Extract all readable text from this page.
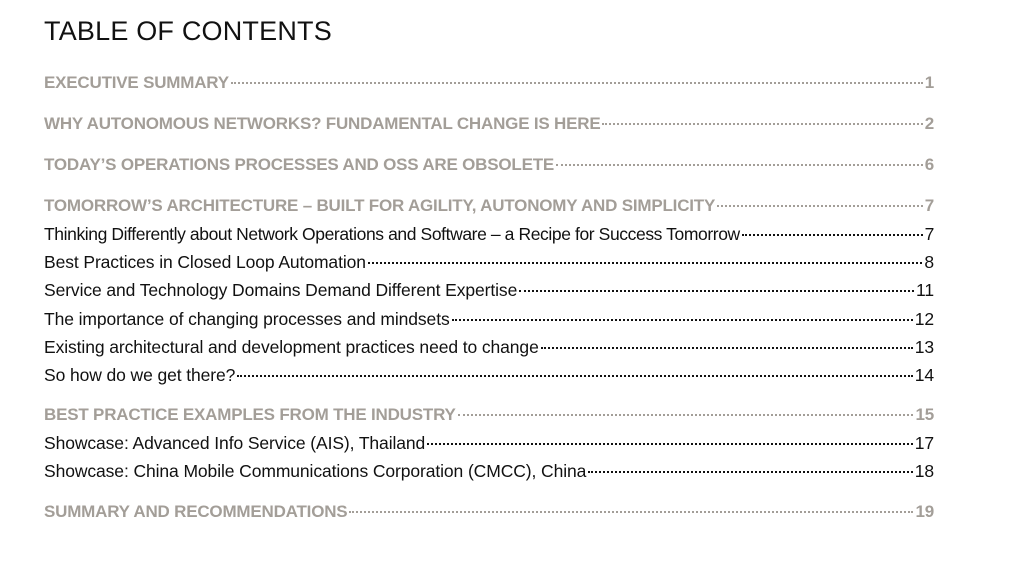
TABLE OF CONTENTS
EXECUTIVE SUMMARY	1
WHY AUTONOMOUS NETWORKS? FUNDAMENTAL CHANGE IS HERE	2
TODAY’S OPERATIONS PROCESSES AND OSS ARE OBSOLETE	6
TOMORROW’S ARCHITECTURE – BUILT FOR AGILITY, AUTONOMY AND SIMPLICITY	7
Thinking Differently about Network Operations and Software – a Recipe for Success Tomorrow	7
Best Practices in Closed Loop Automation	8
Service and Technology Domains Demand Different Expertise	11
The importance of changing processes and mindsets	12
Existing architectural and development practices need to change	13
So how do we get there?	14
BEST PRACTICE EXAMPLES FROM THE INDUSTRY	15
Showcase: Advanced Info Service (AIS), Thailand	17
Showcase: China Mobile Communications Corporation (CMCC), China	18
SUMMARY AND RECOMMENDATIONS	19
